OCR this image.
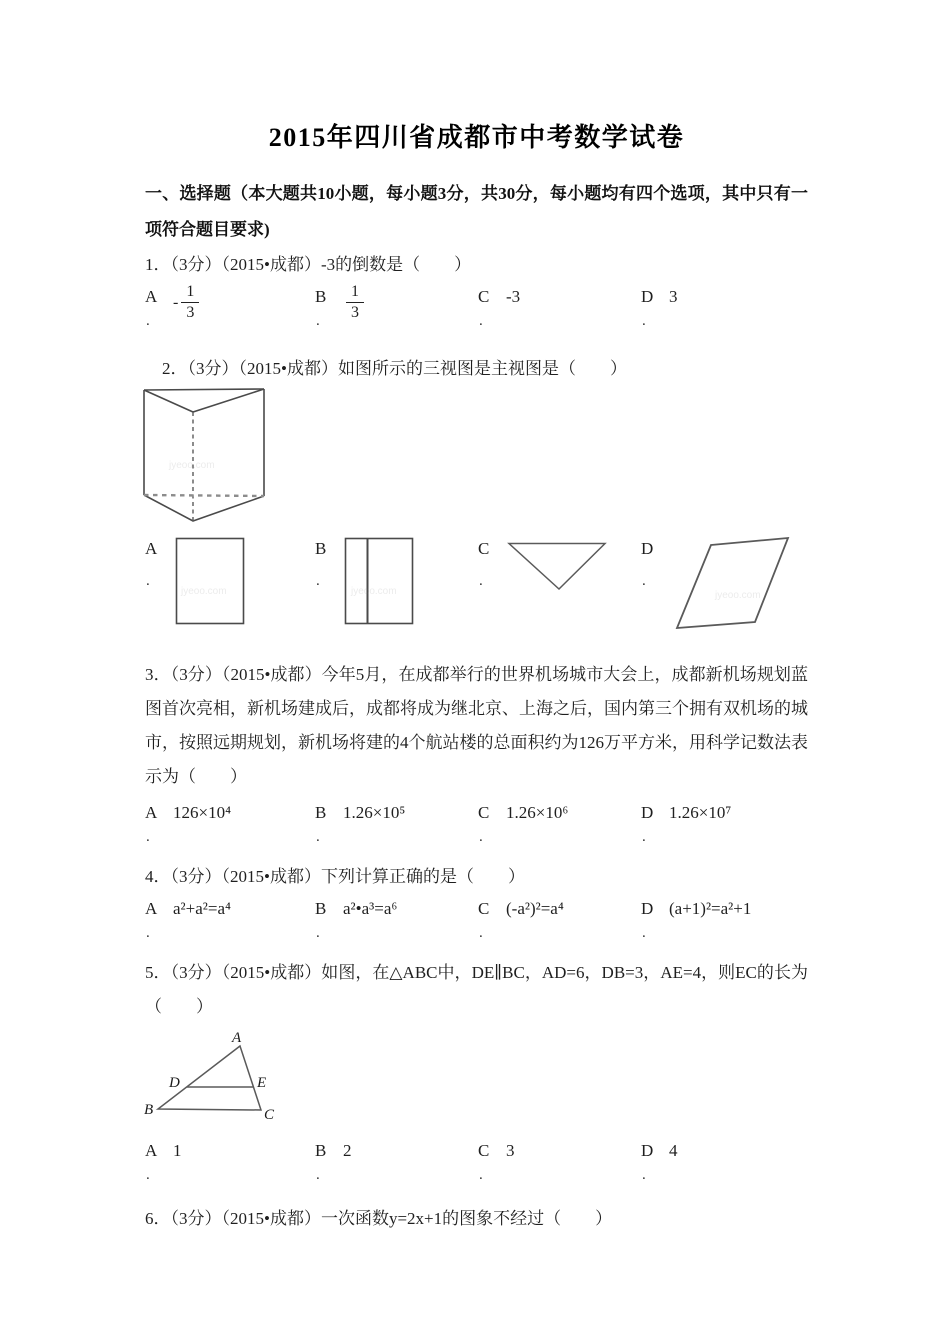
2015年四川省成都市中考数学试卷
一、选择题（本大题共10小题，每小题3分，共30分，每小题均有四个选项，其中只有一项符合题目要求)
1．（3分）（2015•成都）-3的倒数是（　　）
A
.
- $\frac{1}{3}$	B
.	$\frac{1}{3}$	C
.
-3	D
.
3
2．（3分）（2015•成都）如图所示的三视图是主视图是（　　）
jyeoo.com
A
.
jyeoo.com
B
.
jyeoo.com
C
.
D
.
jyeoo.com
3．（3分）（2015•成都）今年5月，在成都举行的世界机场城市大会上，成都新机场规划蓝图首次亮相，新机场建成后，成都将成为继北京、上海之后，国内第三个拥有双机场的城市，按照远期规划，新机场将建的4个航站楼的总面积约为126万平方米，用科学记数法表示为（　　）
A
.
126×10⁴	B
.
1.26×10⁵	C
.
1.26×10⁶	D
.
1.26×10⁷
4．（3分）（2015•成都）下列计算正确的是（　　）
A
.
a²+a²=a⁴	B
.
a²•a³=a⁶	C
.
(-a²)²=a⁴	D
.
(a+1)²=a²+1
5．（3分）（2015•成都）如图，在△ABC中，DE∥BC，AD=6，DB=3，AE=4，则EC的长为（　　）
A
B	C
D	E
A
.
1	B
.
2	C
.
3	D
.
4
6．（3分）（2015•成都）一次函数y=2x+1的图象不经过（　　）
